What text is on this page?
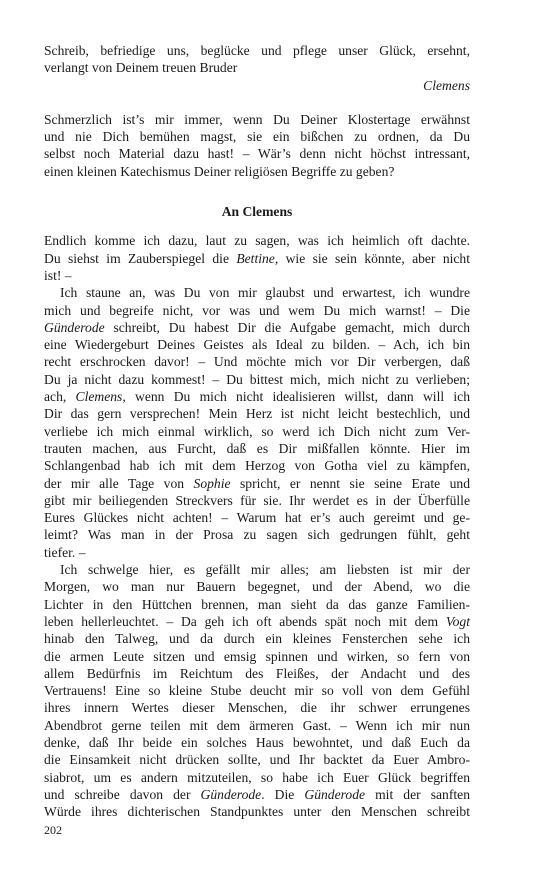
Schreib, befriedige uns, beglücke und pflege unser Glück, ersehnt,
verlangt von Deinem treuen Bruder
Clemens
Schmerzlich ist’s mir immer, wenn Du Deiner Klostertage erwähnst
und nie Dich bemühen magst, sie ein bißchen zu ordnen, da Du
selbst noch Material dazu hast! – Wär’s denn nicht höchst intressant,
einen kleinen Katechismus Deiner religiösen Begriffe zu geben?
An Clemens
Endlich komme ich dazu, laut zu sagen, was ich heimlich oft dachte.
Du siehst im Zauberspiegel die Bettine, wie sie sein könnte, aber nicht
ist! –
Ich staune an, was Du von mir glaubst und erwartest, ich wundre
mich und begreife nicht, vor was und wem Du mich warnst! – Die
Günderode schreibt, Du habest Dir die Aufgabe gemacht, mich durch
eine Wiedergeburt Deines Geistes als Ideal zu bilden. – Ach, ich bin
recht erschrocken davor! – Und möchte mich vor Dir verbergen, daß
Du ja nicht dazu kommest! – Du bittest mich, mich nicht zu verlieben;
ach, Clemens, wenn Du mich nicht idealisieren willst, dann will ich
Dir das gern versprechen! Mein Herz ist nicht leicht bestechlich, und
verliebe ich mich einmal wirklich, so werd ich Dich nicht zum Ver-
trauten machen, aus Furcht, daß es Dir mißfallen könnte. Hier im
Schlangenbad hab ich mit dem Herzog von Gotha viel zu kämpfen,
der mir alle Tage von Sophie spricht, er nennt sie seine Erate und
gibt mir beiliegenden Streckvers für sie. Ihr werdet es in der Überfülle
Eures Glückes nicht achten! – Warum hat er’s auch gereimt und ge-
leimt? Was man in der Prosa zu sagen sich gedrungen fühlt, geht
tiefer. –
Ich schwelge hier, es gefällt mir alles; am liebsten ist mir der
Morgen, wo man nur Bauern begegnet, und der Abend, wo die
Lichter in den Hüttchen brennen, man sieht da das ganze Familien-
leben hellerleuchtet. – Da geh ich oft abends spät noch mit dem Vogt
hinab den Talweg, und da durch ein kleines Fensterchen sehe ich
die armen Leute sitzen und emsig spinnen und wirken, so fern von
allem Bedürfnis im Reichtum des Fleißes, der Andacht und des
Vertrauens! Eine so kleine Stube deucht mir so voll von dem Gefühl
ihres innern Wertes dieser Menschen, die ihr schwer errungenes
Abendbrot gerne teilen mit dem ärmeren Gast. – Wenn ich mir nun
denke, daß Ihr beide ein solches Haus bewohntet, und daß Euch da
die Einsamkeit nicht drücken sollte, und Ihr backtet da Euer Ambro-
siabrot, um es andern mitzuteilen, so habe ich Euer Glück begriffen
und schreibe davon der Günderode. Die Günderode mit der sanften
Würde ihres dichterischen Standpunktes unter den Menschen schreibt
202
